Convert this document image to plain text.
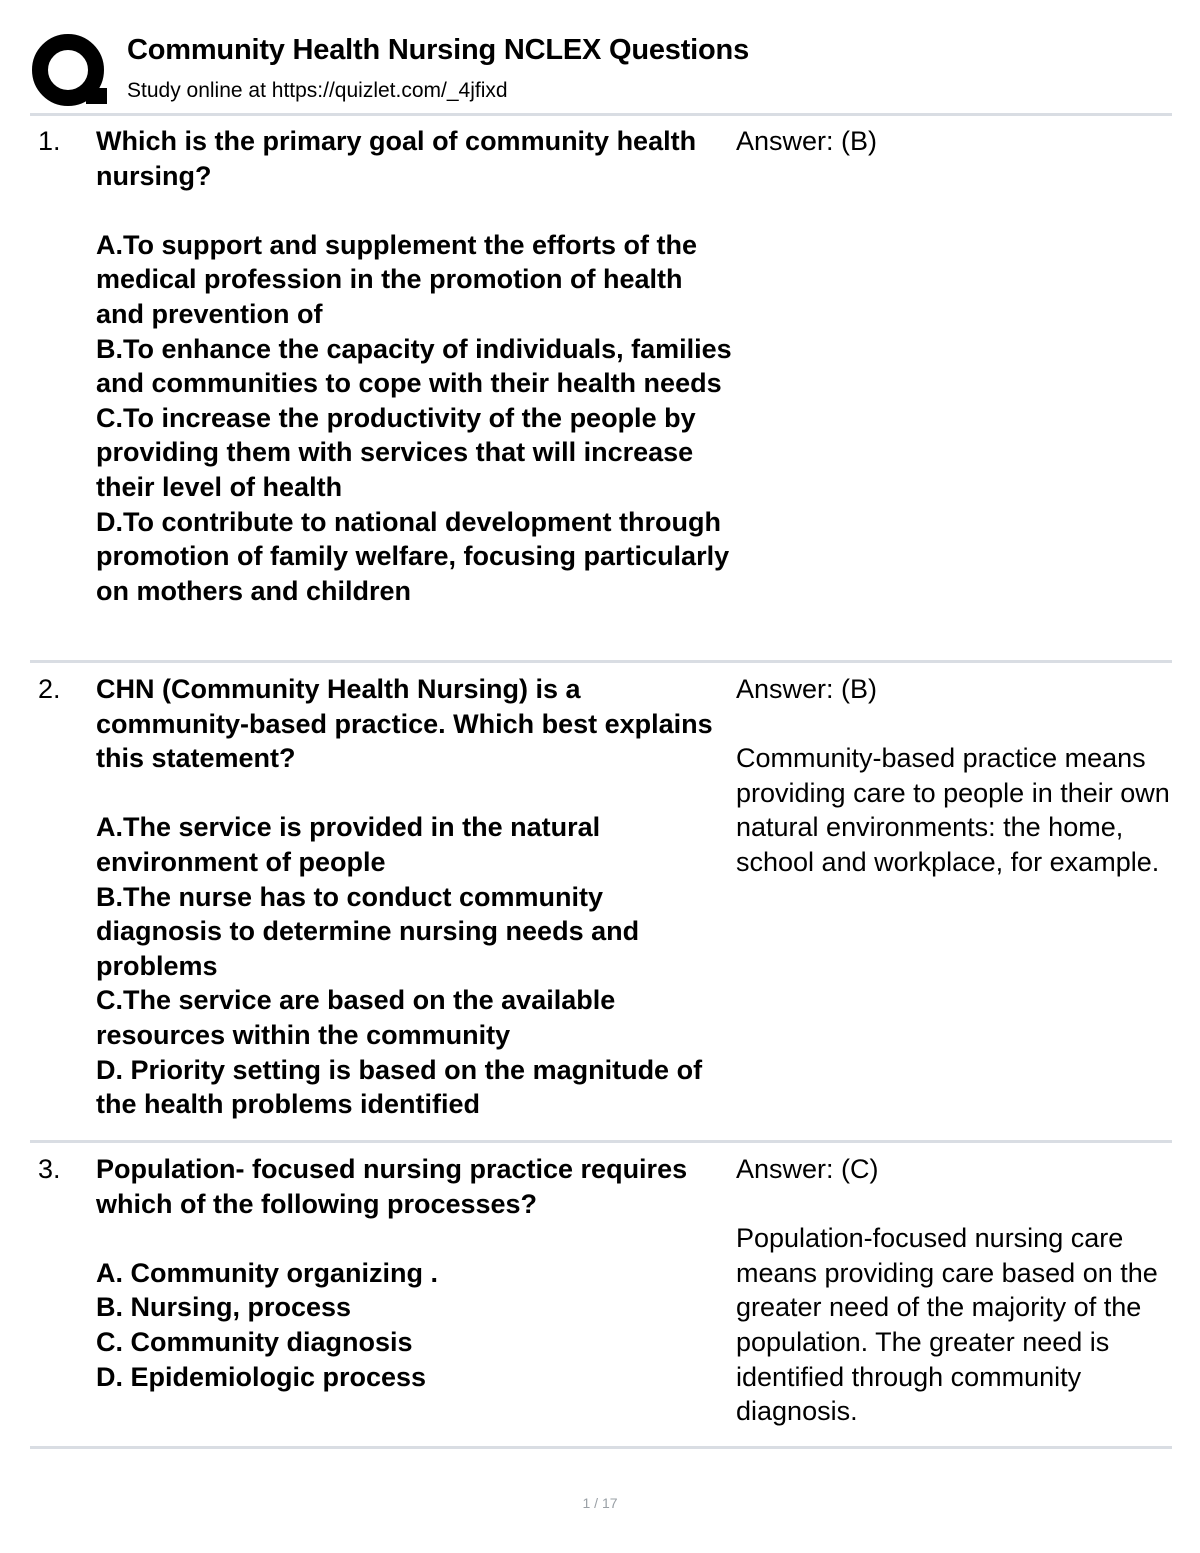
Community Health Nursing NCLEX Questions
Study online at https://quizlet.com/_4jfixd
1. Which is the primary goal of community health nursing?

A.To support and supplement the efforts of the medical profession in the promotion of health and prevention of

B.To enhance the capacity of individuals, families and communities to cope with their health needs

C.To increase the productivity of the people by providing them with services that will increase their level of health

D.To contribute to national development through promotion of family welfare, focusing particularly on mothers and children

Answer: (B)

2. CHN (Community Health Nursing) is a community-based practice. Which best explains this statement?

A.The service is provided in the natural environment of people

B.The nurse has to conduct community diagnosis to determine nursing needs and problems

C.The service are based on the available resources within the community

D. Priority setting is based on the magnitude of the health problems identified

Answer: (B)

Community-based practice means providing care to people in their own natural environments: the home, school and workplace, for example.

3. Population- focused nursing practice requires which of the following processes?

A. Community organizing .

B. Nursing, process

C. Community diagnosis

D. Epidemiologic process

Answer: (C)

Population-focused nursing care means providing care based on the greater need of the majority of the population. The greater need is identified through community diagnosis.

1 / 17
